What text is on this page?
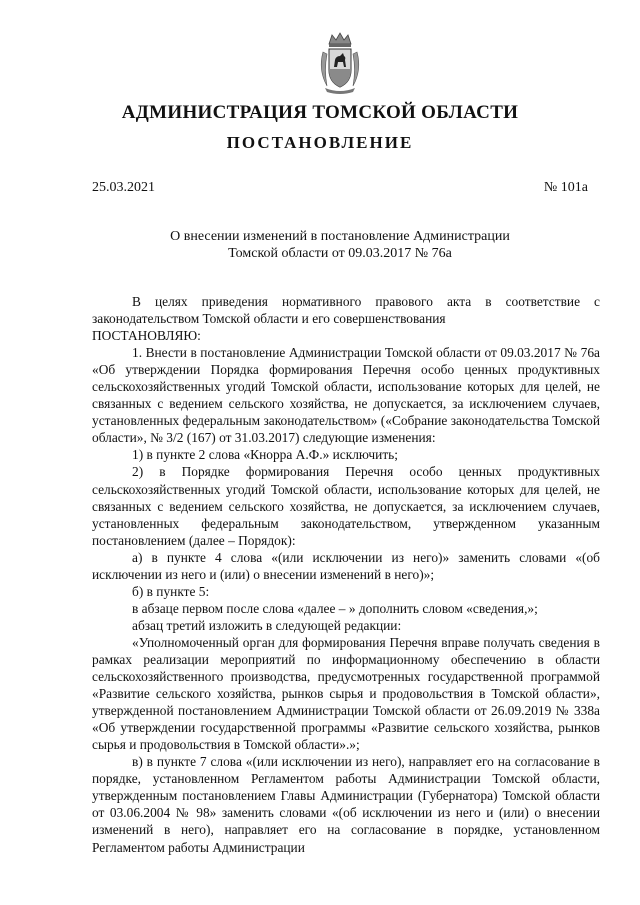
АДМИНИСТРАЦИЯ ТОМСКОЙ ОБЛАСТИ
ПОСТАНОВЛЕНИЕ
25.03.2021	№ 101а
О внесении изменений в постановление Администрации
Томской области от 09.03.2017 № 76а

В целях приведения нормативного правового акта в соответствие с законодательством Томской области и его совершенствования

ПОСТАНОВЛЯЮ:

1. Внести в постановление Администрации Томской области от 09.03.2017 № 76а «Об утверждении Порядка формирования Перечня особо ценных продуктивных сельскохозяйственных угодий Томской области, использование которых для целей, не связанных с ведением сельского хозяйства, не допускается, за исключением случаев, установленных федеральным законодательством» («Собрание законодательства Томской области», № 3/2 (167) от 31.03.2017) следующие изменения:

1) в пункте 2 слова «Кнорра А.Ф.» исключить;

2) в Порядке формирования Перечня особо ценных продуктивных сельскохозяйственных угодий Томской области, использование которых для целей, не связанных с ведением сельского хозяйства, не допускается, за исключением случаев, установленных федеральным законодательством, утвержденном указанным постановлением (далее – Порядок):

а) в пункте 4 слова «(или исключении из него)» заменить словами «(об исключении из него и (или) о внесении изменений в него)»;

б) в пункте 5:

в абзаце первом после слова «далее – » дополнить словом «сведения,»;

абзац третий изложить в следующей редакции:

«Уполномоченный орган для формирования Перечня вправе получать сведения в рамках реализации мероприятий по информационному обеспечению в области сельскохозяйственного производства, предусмотренных государственной программой «Развитие сельского хозяйства, рынков сырья и продовольствия в Томской области», утвержденной постановлением Администрации Томской области от 26.09.2019 № 338а «Об утверждении государственной программы «Развитие сельского хозяйства, рынков сырья и продовольствия в Томской области».»;

в) в пункте 7 слова «(или исключении из него), направляет его на согласование в порядке, установленном Регламентом работы Администрации Томской области, утвержденным постановлением Главы Администрации (Губернатора) Томской области от 03.06.2004 № 98» заменить словами «(об исключении из него и (или) о внесении изменений в него), направляет его на согласование в порядке, установленном Регламентом работы Администрации
